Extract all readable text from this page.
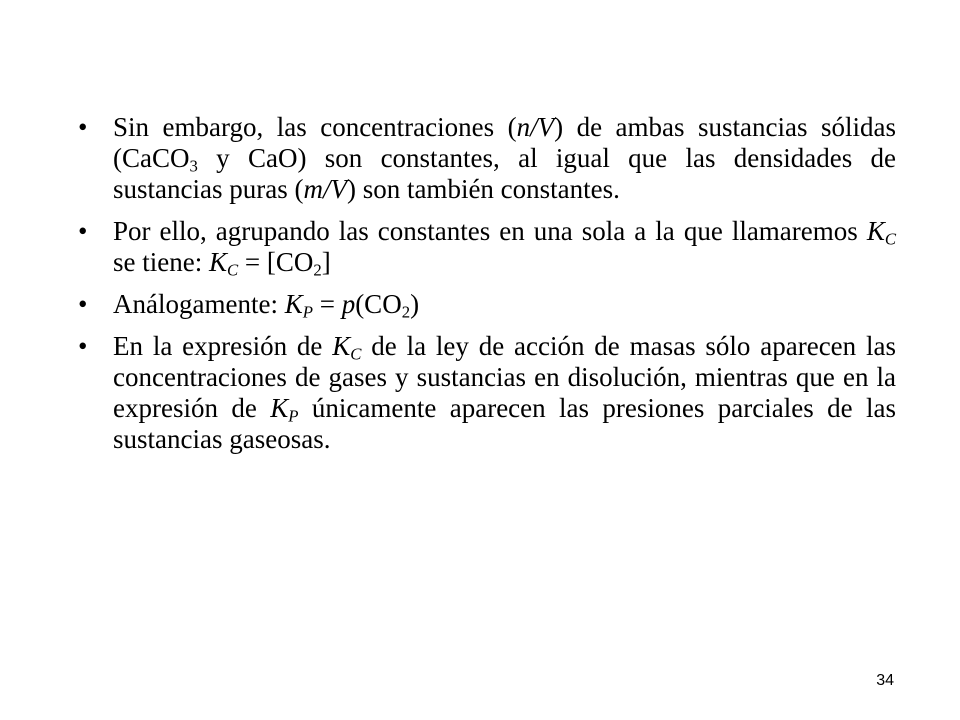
• Sin embargo, las concentraciones (n/V) de ambas sustancias sólidas (CaCO$_3$ y CaO) son constantes, al igual que las densidades de sustancias puras (m/V) son también constantes.
• Por ello, agrupando las constantes en una sola a la que llamaremos $K_C$ se tiene: $K_C = [CO_2]$
• Análogamente: $K_P = p(CO_2)$
• En la expresión de $K_C$ de la ley de acción de masas sólo aparecen las concentraciones de gases y sustancias en disolución, mientras que en la expresión de $K_P$ únicamente aparecen las presiones parciales de las sustancias gaseosas.
34
